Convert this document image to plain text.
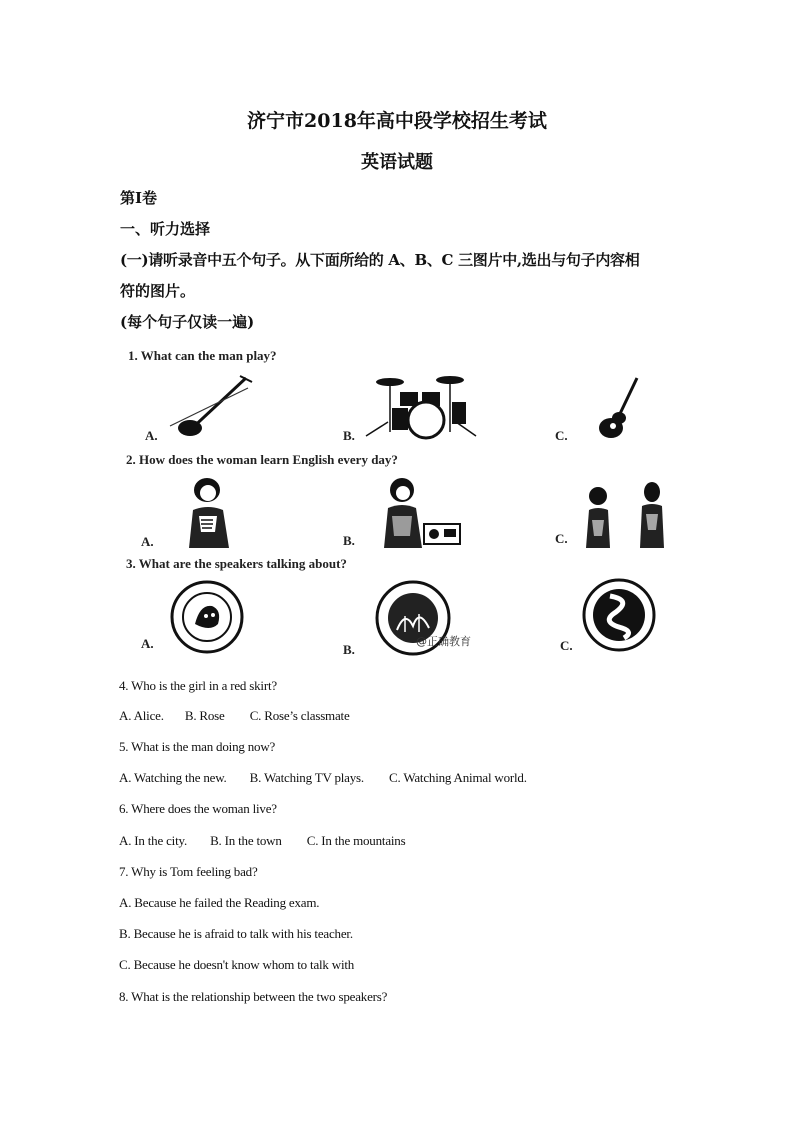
济宁市2018年高中段学校招生考试
英语试题
第I卷
一、听力选择
(一)请听录音中五个句子。从下面所给的 A、B、C 三图片中,选出与句子内容相
符的图片。
(每个句子仅读一遍)
1. What can the man play?
A.	B.	C.
2. How does the woman learn English every day?
A.	B.	C.
3. What are the speakers talking about?
A.	B.	C.
@正确教育
4. Who is the girl in a red skirt?
A. Alice. B. Rose C. Rose’s classmate
5. What is the man doing now?
A. Watching the new. B. Watching TV plays. C. Watching Animal world.
6. Where does the woman live?
A. In the city. B. In the town C. In the mountains
7. Why is Tom feeling bad?
A. Because he failed the Reading exam.
B. Because he is afraid to talk with his teacher.
C. Because he doesn't know whom to talk with
8. What is the relationship between the two speakers?
